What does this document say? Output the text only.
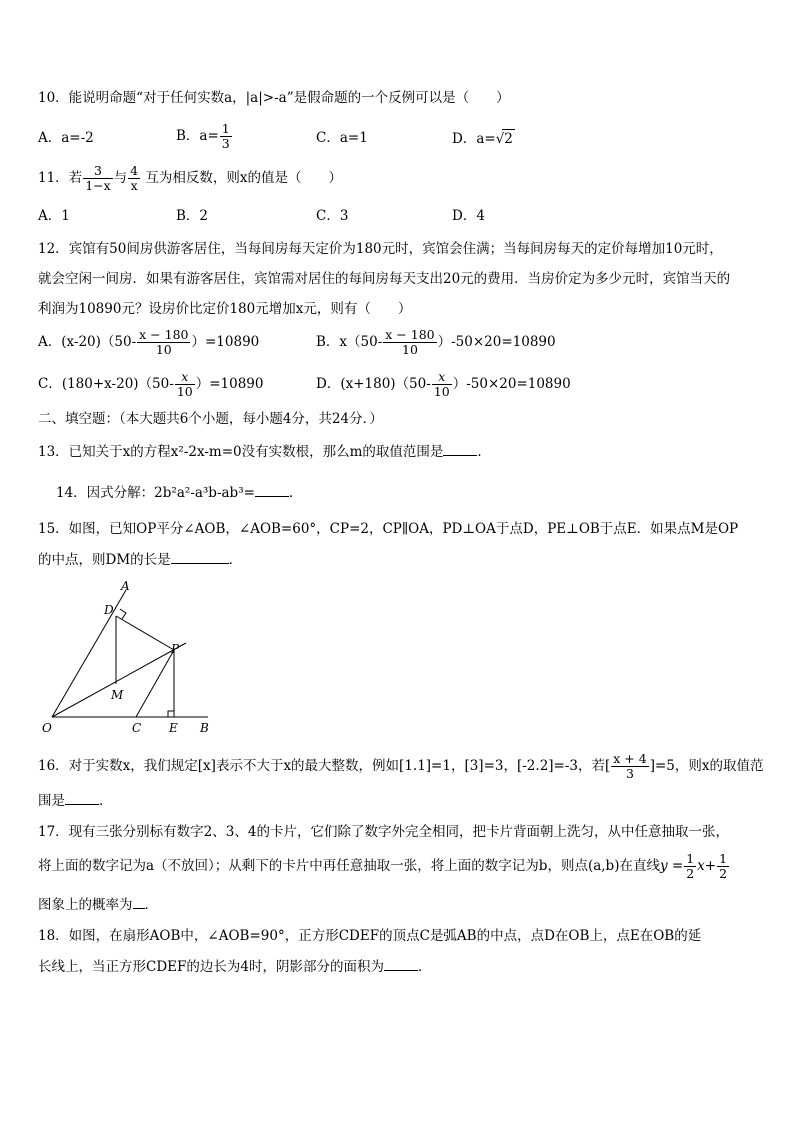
10．能说明命题“对于任何实数a，|a|>-a”是假命题的一个反例可以是（　　）
A．a=-2	B．$a= \frac{1}{3}$	C．a=1	D．a=√2
11．若 $\frac{3}{1-x}$ 与 $\frac{4}{x}$ 互为相反数，则x的值是（　　）
A．1	B．2	C．3	D．4
12．宾馆有50间房供游客居住，当每间房每天定价为180元时，宾馆会住满；当每间房每天的定价每增加10元时，
就会空闲一间房．如果有游客居住，宾馆需对居住的每间房每天支出20元的费用．当房价定为多少元时，宾馆当天的
利润为10890元？设房价比定价180元增加x元，则有（　　）
A．$(x-20)(50- \frac{x - 180}{10} )=10890$	B．$x(50- \frac{x - 180}{10} )-50\times 20=10890$
C．$(180+x-20)(50- \frac{x}{10} )=10890$	D．$(x+180)(50- \frac{x}{10} )-50\times 20=10890$
二、填空题：（本大题共6个小题，每小题4分，共24分．）
13．已知关于x的方程x²-2x-m=0没有实数根，那么m的取值范围是	．
14．因式分解：2b²a²-a³b-ab³=	．
15．如图，已知OP平分∠AOB，∠AOB=60°，CP=2，CP∥OA，PD⊥OA于点D，PE⊥OB于点E．如果点M是OP
的中点，则DM的长是	．
A
D
P
M
O	C E B
16．对于实数x，我们规定[x]表示不大于x的最大整数，例如[1.1]=1，[3]=3，[-2.2]=-3，若[ $\frac{x + 4}{3} ]=5$，则x的取值范
围是	．
17．现有三张分别标有数字2、3、4的卡片，它们除了数字外完全相同，把卡片背面朝上洗匀，从中任意抽取一张，
将上面的数字记为a（不放回）；从剩下的卡片中再任意抽取一张，将上面的数字记为b，则点(a,b)在直线$y = \frac{1}{2} x+ \frac{1}{2}$
图象上的概率为 ．
18．如图，在扇形AOB中，∠AOB=90°，正方形CDEF的顶点C是弧AB的中点，点D在OB上，点E在OB的延
长线上，当正方形CDEF的边长为4时，阴影部分的面积为	．
